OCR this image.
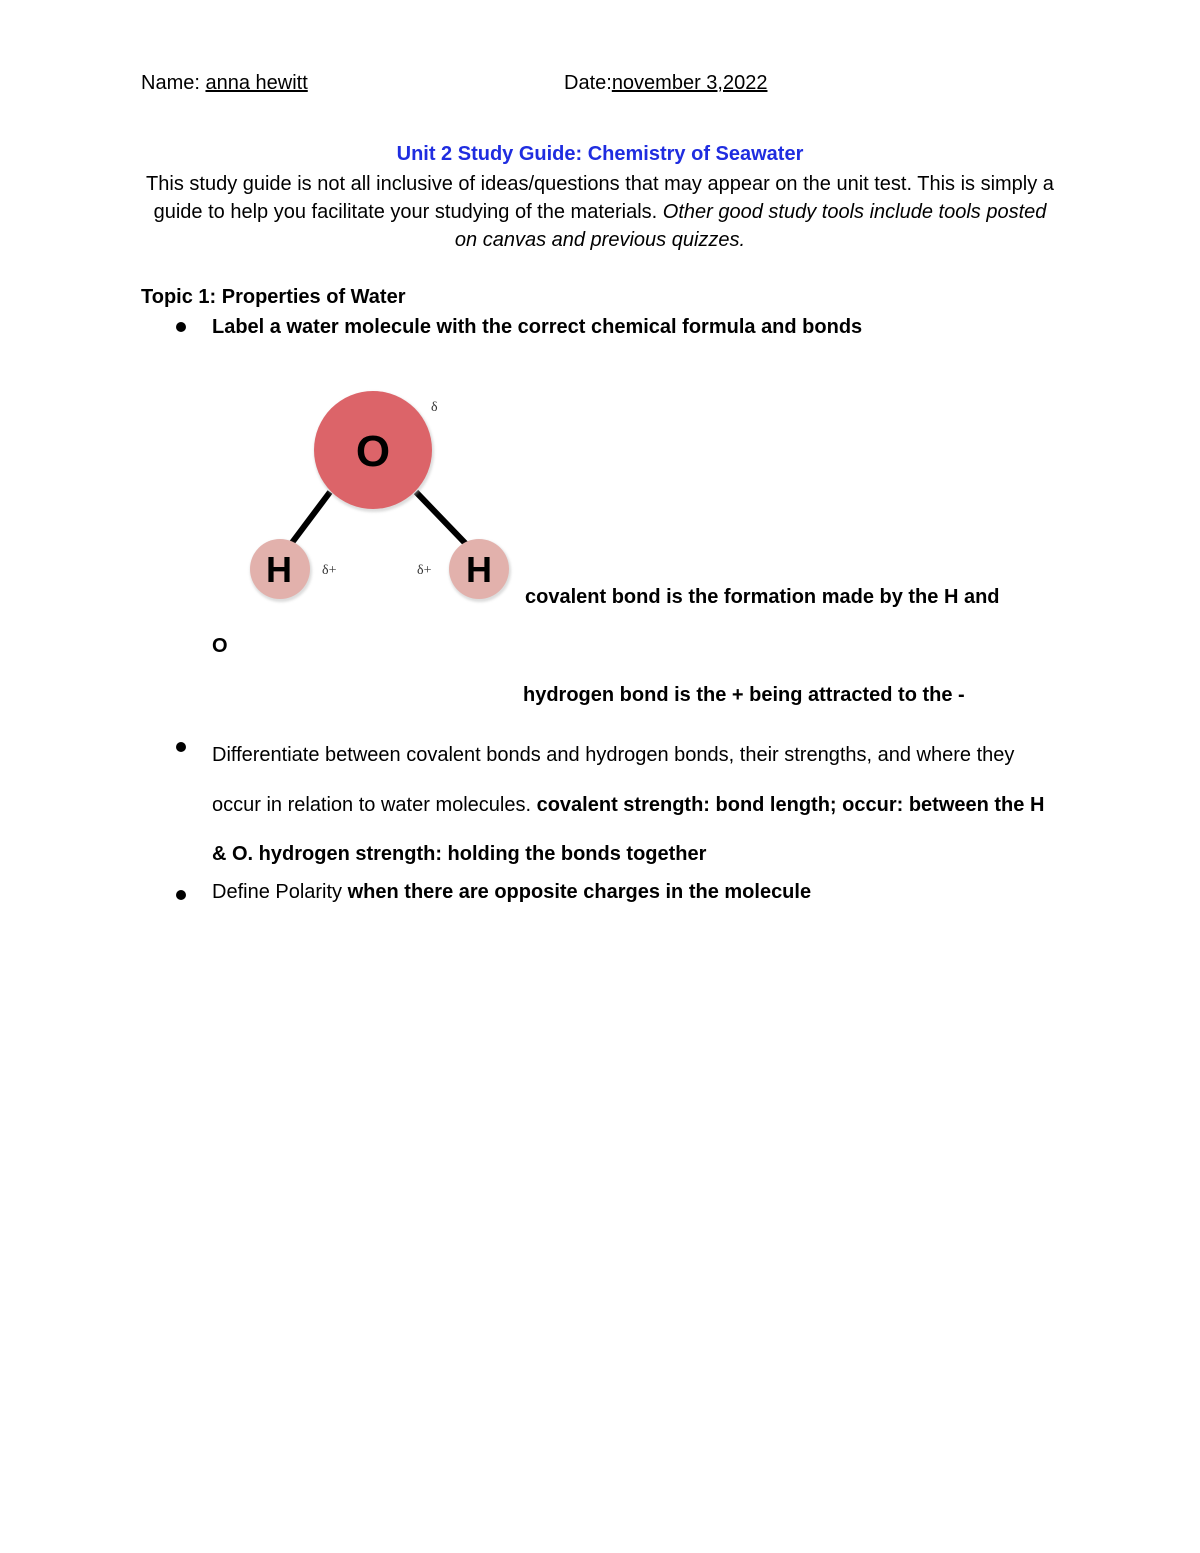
Name: anna hewitt	Date:november 3,2022
Unit 2 Study Guide: Chemistry of Seawater
This study guide is not all inclusive of ideas/questions that may appear on the unit test. This is simply a guide to help you facilitate your studying of the materials. Other good study tools include tools posted on canvas and previous quizzes.
Topic 1: Properties of Water
Label a water molecule with the correct chemical formula and bonds
O
H	H
δ
δ+	δ+
covalent bond is the formation made by the H and
O
hydrogen bond is the + being attracted to the -
Differentiate between covalent bonds and hydrogen bonds, their strengths, and where they occur in relation to water molecules. covalent strength: bond length; occur: between the H & O. hydrogen strength: holding the bonds together
Define Polarity when there are opposite charges in the molecule
